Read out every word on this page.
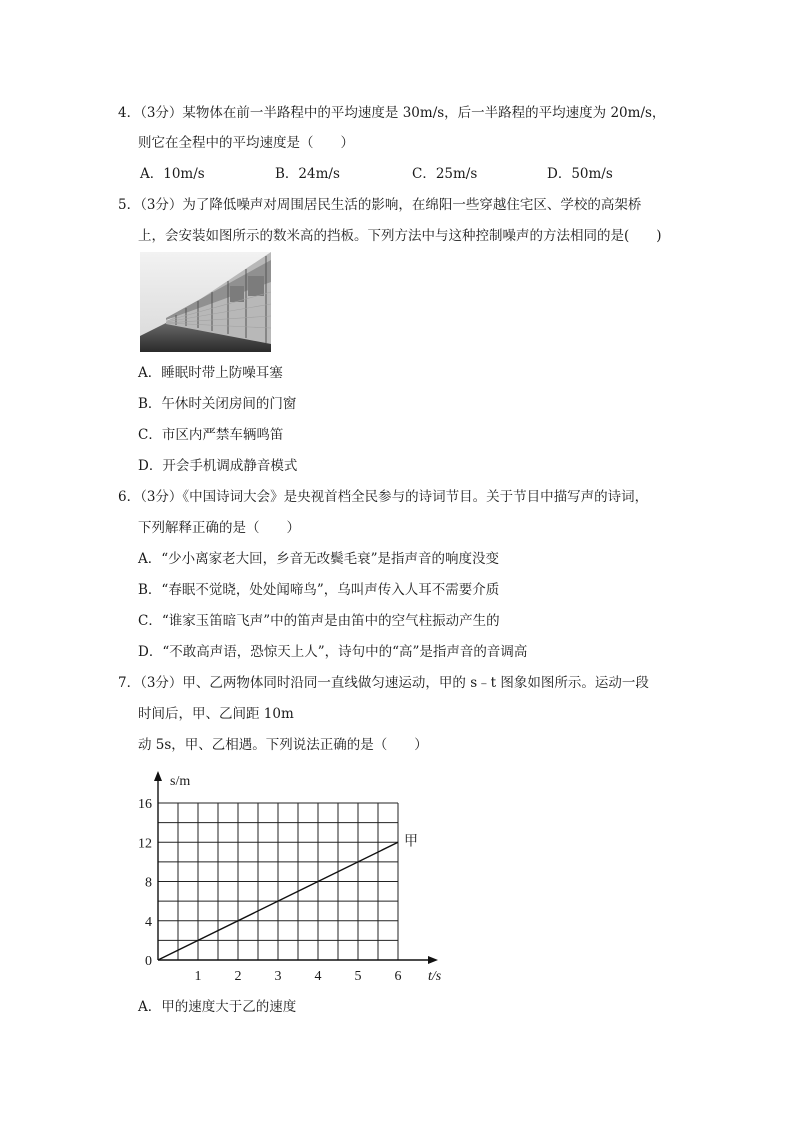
4．（3分）某物体在前一半路程中的平均速度是 30m/s，后一半路程的平均速度为 20m/s，
则它在全程中的平均速度是（　　）
A．10m/s	B．24m/s	C．25m/s	D．50m/s
5．（3分）为了降低噪声对周围居民生活的影响，在绵阳一些穿越住宅区、学校的高架桥
上，会安装如图所示的数米高的挡板。下列方法中与这种控制噪声的方法相同的是(　　)
A．睡眠时带上防噪耳塞
B．午休时关闭房间的门窗
C．市区内严禁车辆鸣笛
D．开会手机调成静音模式
6．（3分）《中国诗词大会》是央视首档全民参与的诗词节目。关于节目中描写声的诗词，
下列解释正确的是（　　）
A．“少小离家老大回，乡音无改鬓毛衰”是指声音的响度没变
B．“春眠不觉晓，处处闻啼鸟”，乌叫声传入人耳不需要介质
C．“谁家玉笛暗飞声”中的笛声是由笛中的空气柱振动产生的
D．“不敢高声语，恐惊天上人”，诗句中的“高”是指声音的音调高
7．（3分）甲、乙两物体同时沿同一直线做匀速运动，甲的 s﹣t 图象如图所示。运动一段
时间后，甲、乙间距 10m
动 5s，甲、乙相遇。下列说法正确的是（　　）
1 2 3 4 5 6
0
4
8
12
16
甲
s/m
t/s
A．甲的速度大于乙的速度
